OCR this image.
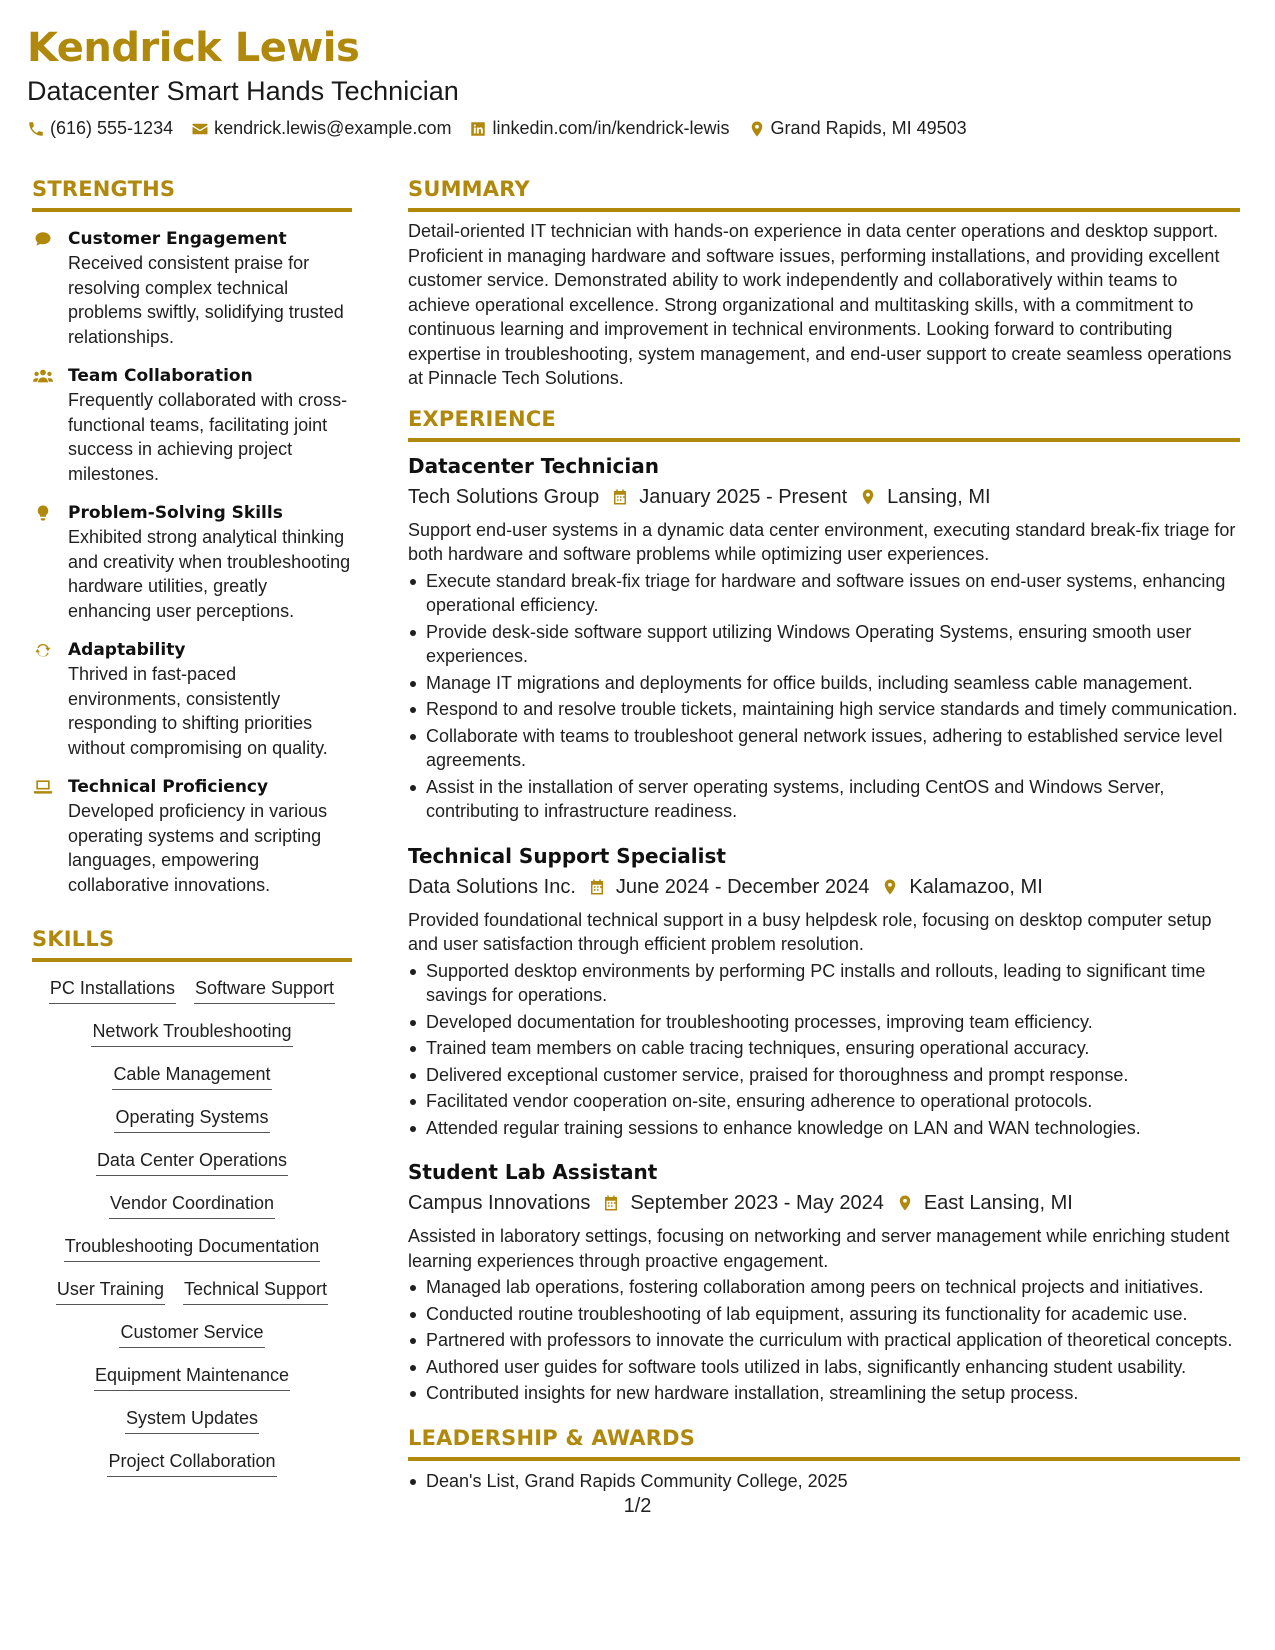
Kendrick Lewis
Datacenter Smart Hands Technician
(616) 555-1234 kendrick.lewis@example.com linkedin.com/in/kendrick-lewis Grand Rapids, MI 49503
STRENGTHS
Customer Engagement
Received consistent praise for resolving complex technical problems swiftly, solidifying trusted relationships.
Team Collaboration
Frequently collaborated with cross-functional teams, facilitating joint success in achieving project milestones.
Problem-Solving Skills
Exhibited strong analytical thinking and creativity when troubleshooting hardware utilities, greatly enhancing user perceptions.
Adaptability
Thrived in fast-paced environments, consistently responding to shifting priorities without compromising on quality.
Technical Proficiency
Developed proficiency in various operating systems and scripting languages, empowering collaborative innovations.
SKILLS
PC Installations Software Support
Network Troubleshooting
Cable Management
Operating Systems
Data Center Operations
Vendor Coordination
Troubleshooting Documentation
User Training Technical Support
Customer Service
Equipment Maintenance
System Updates
Project Collaboration
SUMMARY

Detail-oriented IT technician with hands-on experience in data center operations and desktop support. Proficient in managing hardware and software issues, performing installations, and providing excellent customer service. Demonstrated ability to work independently and collaboratively within teams to achieve operational excellence. Strong organizational and multitasking skills, with a commitment to continuous learning and improvement in technical environments. Looking forward to contributing expertise in troubleshooting, system management, and end-user support to create seamless operations at Pinnacle Tech Solutions.

EXPERIENCE
Datacenter Technician
Tech Solutions Group January 2025 - Present Lansing, MI

Support end-user systems in a dynamic data center environment, executing standard break-fix triage for both hardware and software problems while optimizing user experiences.

Execute standard break-fix triage for hardware and software issues on end-user systems, enhancing operational efficiency.
Provide desk-side software support utilizing Windows Operating Systems, ensuring smooth user experiences.
Manage IT migrations and deployments for office builds, including seamless cable management.
Respond to and resolve trouble tickets, maintaining high service standards and timely communication.
Collaborate with teams to troubleshoot general network issues, adhering to established service level agreements.
Assist in the installation of server operating systems, including CentOS and Windows Server, contributing to infrastructure readiness.
Technical Support Specialist
Data Solutions Inc. June 2024 - December 2024 Kalamazoo, MI

Provided foundational technical support in a busy helpdesk role, focusing on desktop computer setup and user satisfaction through efficient problem resolution.

Supported desktop environments by performing PC installs and rollouts, leading to significant time savings for operations.
Developed documentation for troubleshooting processes, improving team efficiency.
Trained team members on cable tracing techniques, ensuring operational accuracy.
Delivered exceptional customer service, praised for thoroughness and prompt response.
Facilitated vendor cooperation on-site, ensuring adherence to operational protocols.
Attended regular training sessions to enhance knowledge on LAN and WAN technologies.
Student Lab Assistant
Campus Innovations September 2023 - May 2024 East Lansing, MI

Assisted in laboratory settings, focusing on networking and server management while enriching student learning experiences through proactive engagement.

Managed lab operations, fostering collaboration among peers on technical projects and initiatives.
Conducted routine troubleshooting of lab equipment, assuring its functionality for academic use.
Partnered with professors to innovate the curriculum with practical application of theoretical concepts.
Authored user guides for software tools utilized in labs, significantly enhancing student usability.
Contributed insights for new hardware installation, streamlining the setup process.
LEADERSHIP & AWARDS
Dean's List, Grand Rapids Community College, 2025
1/2
